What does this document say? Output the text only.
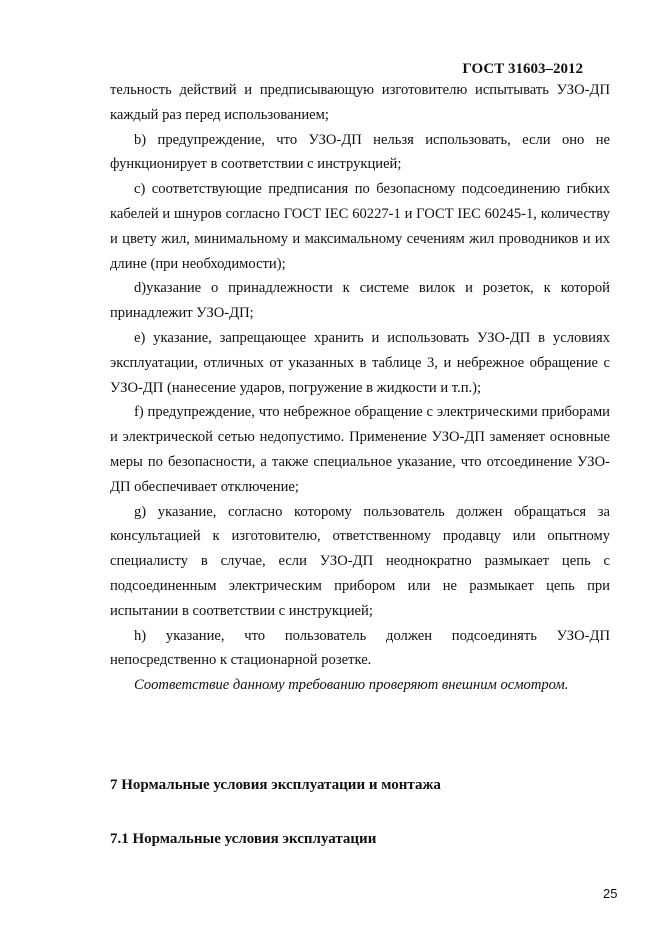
ГОСТ 31603–2012

тельность действий и предписывающую изготовителю испытывать УЗО-ДП каждый раз перед использованием;

b) предупреждение, что УЗО-ДП нельзя использовать, если оно не функционирует в соответствии с инструкцией;

c) соответствующие предписания по безопасному подсоединению гибких кабелей и шнуров согласно ГОСТ IEC 60227-1 и ГОСТ IEC 60245-1, количеству и цвету жил, минимальному и максимальному сечениям жил проводников и их длине (при необходимости);

d)указание о принадлежности к системе вилок и розеток, к которой принадлежит УЗО-ДП;

e) указание, запрещающее хранить и использовать УЗО-ДП в условиях эксплуатации, отличных от указанных в таблице 3, и небрежное обращение с УЗО-ДП (нанесение ударов, погружение в жидкости и т.п.);

f) предупреждение, что небрежное обращение с электрическими приборами и электрической сетью недопустимо. Применение УЗО-ДП заменяет основные меры по безопасности, а также специальное указание, что отсоединение УЗО-ДП обеспечивает отключение;

g) указание, согласно которому пользователь должен обращаться за консультацией к изготовителю, ответственному продавцу или опытному специалисту в случае, если УЗО-ДП неоднократно размыкает цепь с подсоединенным электрическим прибором или не размыкает цепь при испытании в соответствии с инструкцией;

h) указание, что пользователь должен подсоединять УЗО-ДП непосредственно к стационарной розетке.

Соответствие данному требованию проверяют внешним осмотром.

7 Нормальные условия эксплуатации и монтажа
7.1 Нормальные условия эксплуатации
25
